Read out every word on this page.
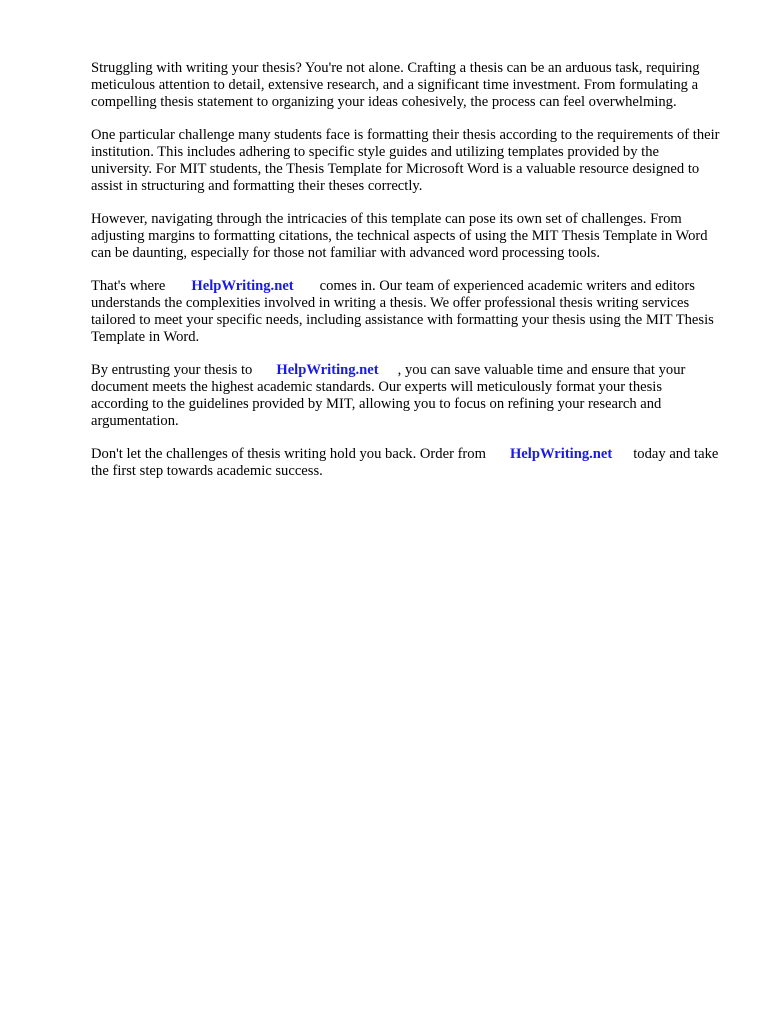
Struggling with writing your thesis? You're not alone. Crafting a thesis can be an arduous task, requiring meticulous attention to detail, extensive research, and a significant time investment. From formulating a compelling thesis statement to organizing your ideas cohesively, the process can feel overwhelming.

One particular challenge many students face is formatting their thesis according to the requirements of their institution. This includes adhering to specific style guides and utilizing templates provided by the university. For MIT students, the Thesis Template for Microsoft Word is a valuable resource designed to assist in structuring and formatting their theses correctly.

However, navigating through the intricacies of this template can pose its own set of challenges. From adjusting margins to formatting citations, the technical aspects of using the MIT Thesis Template in Word can be daunting, especially for those not familiar with advanced word processing tools.

That's where HelpWriting.net comes in. Our team of experienced academic writers and editors understands the complexities involved in writing a thesis. We offer professional thesis writing services tailored to meet your specific needs, including assistance with formatting your thesis using the MIT Thesis Template in Word.

By entrusting your thesis to HelpWriting.net , you can save valuable time and ensure that your document meets the highest academic standards. Our experts will meticulously format your thesis according to the guidelines provided by MIT, allowing you to focus on refining your research and argumentation.

Don't let the challenges of thesis writing hold you back. Order from HelpWriting.net today and take the first step towards academic success.
